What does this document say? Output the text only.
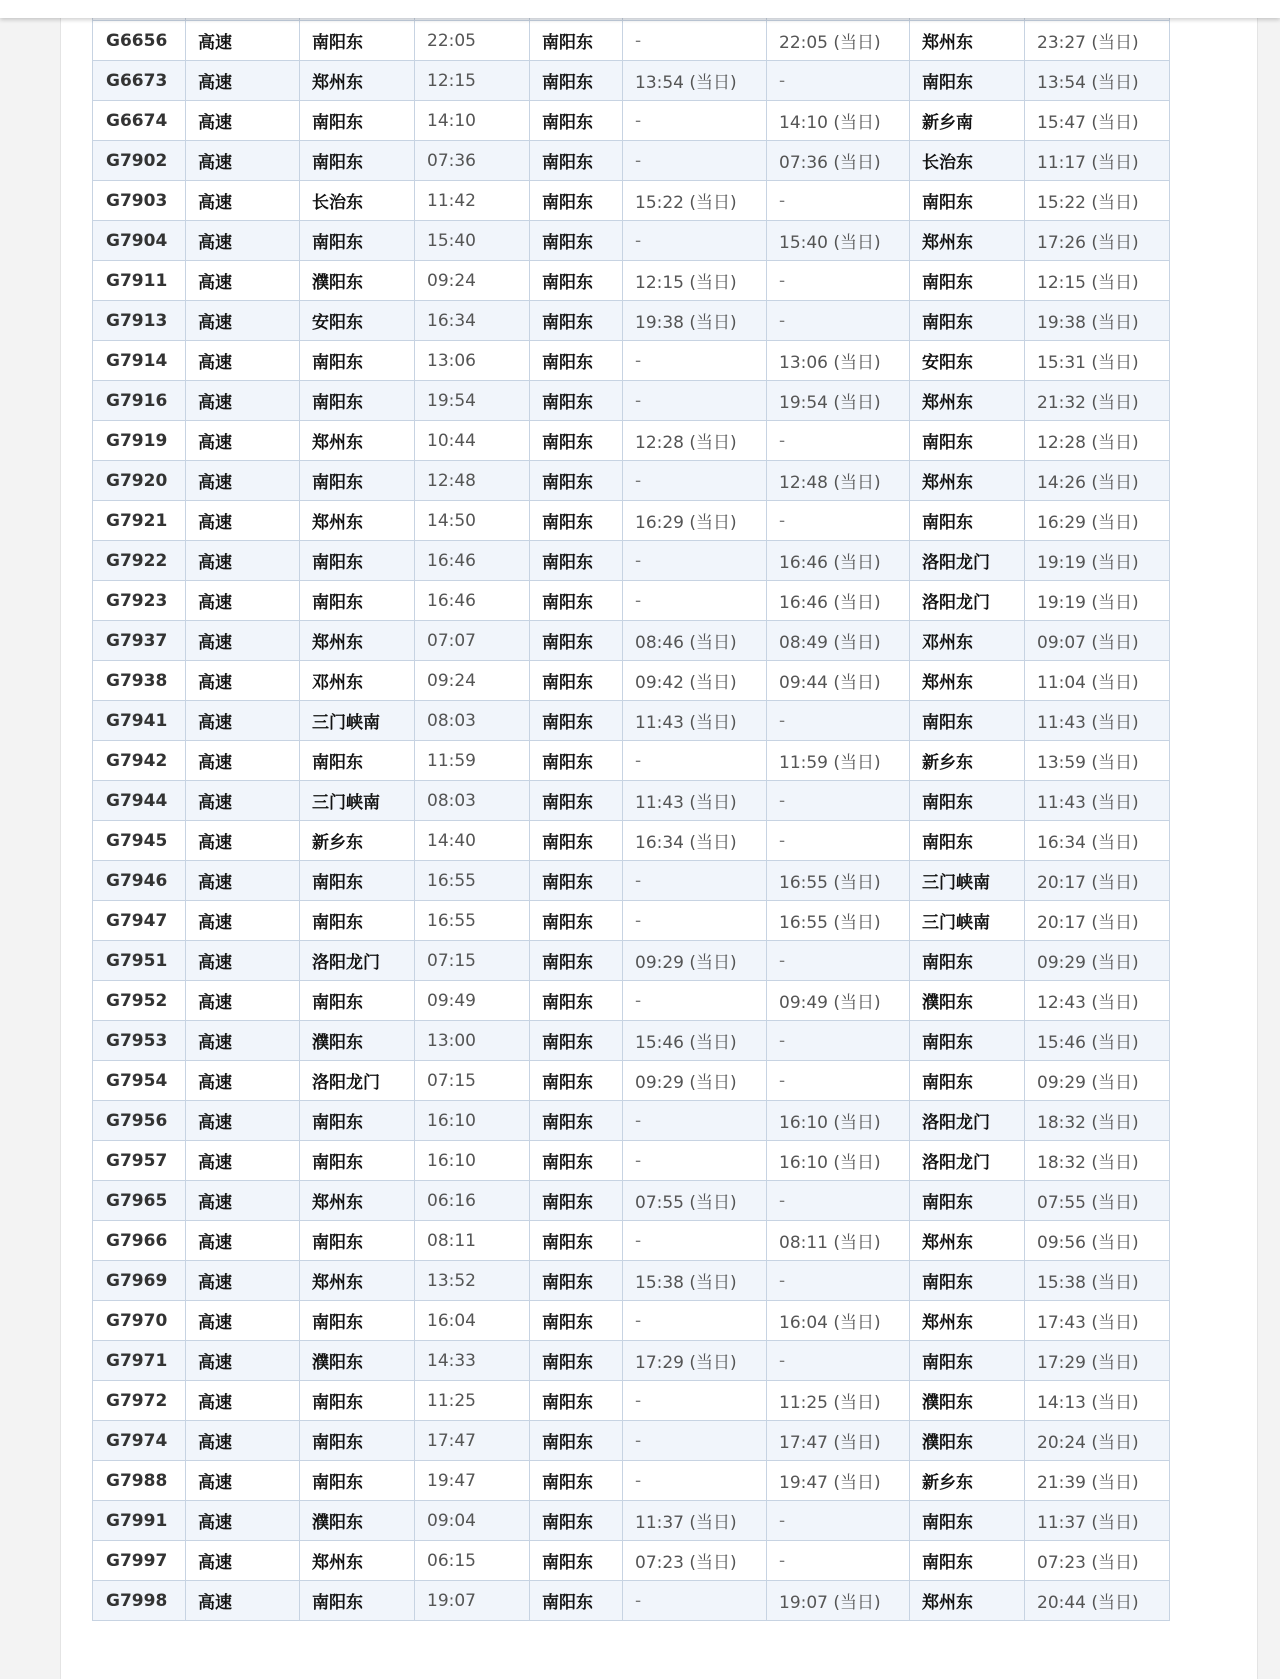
G6656	高速	南阳东	22:05	南阳东	-	22:05 (当日)	郑州东	23:27 (当日)
G6673	高速	郑州东	12:15	南阳东	13:54 (当日)	-	南阳东	13:54 (当日)
G6674	高速	南阳东	14:10	南阳东	-	14:10 (当日)	新乡南	15:47 (当日)
G7902	高速	南阳东	07:36	南阳东	-	07:36 (当日)	长治东	11:17 (当日)
G7903	高速	长治东	11:42	南阳东	15:22 (当日)	-	南阳东	15:22 (当日)
G7904	高速	南阳东	15:40	南阳东	-	15:40 (当日)	郑州东	17:26 (当日)
G7911	高速	濮阳东	09:24	南阳东	12:15 (当日)	-	南阳东	12:15 (当日)
G7913	高速	安阳东	16:34	南阳东	19:38 (当日)	-	南阳东	19:38 (当日)
G7914	高速	南阳东	13:06	南阳东	-	13:06 (当日)	安阳东	15:31 (当日)
G7916	高速	南阳东	19:54	南阳东	-	19:54 (当日)	郑州东	21:32 (当日)
G7919	高速	郑州东	10:44	南阳东	12:28 (当日)	-	南阳东	12:28 (当日)
G7920	高速	南阳东	12:48	南阳东	-	12:48 (当日)	郑州东	14:26 (当日)
G7921	高速	郑州东	14:50	南阳东	16:29 (当日)	-	南阳东	16:29 (当日)
G7922	高速	南阳东	16:46	南阳东	-	16:46 (当日)	洛阳龙门	19:19 (当日)
G7923	高速	南阳东	16:46	南阳东	-	16:46 (当日)	洛阳龙门	19:19 (当日)
G7937	高速	郑州东	07:07	南阳东	08:46 (当日)	08:49 (当日)	邓州东	09:07 (当日)
G7938	高速	邓州东	09:24	南阳东	09:42 (当日)	09:44 (当日)	郑州东	11:04 (当日)
G7941	高速	三门峡南	08:03	南阳东	11:43 (当日)	-	南阳东	11:43 (当日)
G7942	高速	南阳东	11:59	南阳东	-	11:59 (当日)	新乡东	13:59 (当日)
G7944	高速	三门峡南	08:03	南阳东	11:43 (当日)	-	南阳东	11:43 (当日)
G7945	高速	新乡东	14:40	南阳东	16:34 (当日)	-	南阳东	16:34 (当日)
G7946	高速	南阳东	16:55	南阳东	-	16:55 (当日)	三门峡南	20:17 (当日)
G7947	高速	南阳东	16:55	南阳东	-	16:55 (当日)	三门峡南	20:17 (当日)
G7951	高速	洛阳龙门	07:15	南阳东	09:29 (当日)	-	南阳东	09:29 (当日)
G7952	高速	南阳东	09:49	南阳东	-	09:49 (当日)	濮阳东	12:43 (当日)
G7953	高速	濮阳东	13:00	南阳东	15:46 (当日)	-	南阳东	15:46 (当日)
G7954	高速	洛阳龙门	07:15	南阳东	09:29 (当日)	-	南阳东	09:29 (当日)
G7956	高速	南阳东	16:10	南阳东	-	16:10 (当日)	洛阳龙门	18:32 (当日)
G7957	高速	南阳东	16:10	南阳东	-	16:10 (当日)	洛阳龙门	18:32 (当日)
G7965	高速	郑州东	06:16	南阳东	07:55 (当日)	-	南阳东	07:55 (当日)
G7966	高速	南阳东	08:11	南阳东	-	08:11 (当日)	郑州东	09:56 (当日)
G7969	高速	郑州东	13:52	南阳东	15:38 (当日)	-	南阳东	15:38 (当日)
G7970	高速	南阳东	16:04	南阳东	-	16:04 (当日)	郑州东	17:43 (当日)
G7971	高速	濮阳东	14:33	南阳东	17:29 (当日)	-	南阳东	17:29 (当日)
G7972	高速	南阳东	11:25	南阳东	-	11:25 (当日)	濮阳东	14:13 (当日)
G7974	高速	南阳东	17:47	南阳东	-	17:47 (当日)	濮阳东	20:24 (当日)
G7988	高速	南阳东	19:47	南阳东	-	19:47 (当日)	新乡东	21:39 (当日)
G7991	高速	濮阳东	09:04	南阳东	11:37 (当日)	-	南阳东	11:37 (当日)
G7997	高速	郑州东	06:15	南阳东	07:23 (当日)	-	南阳东	07:23 (当日)
G7998	高速	南阳东	19:07	南阳东	-	19:07 (当日)	郑州东	20:44 (当日)
